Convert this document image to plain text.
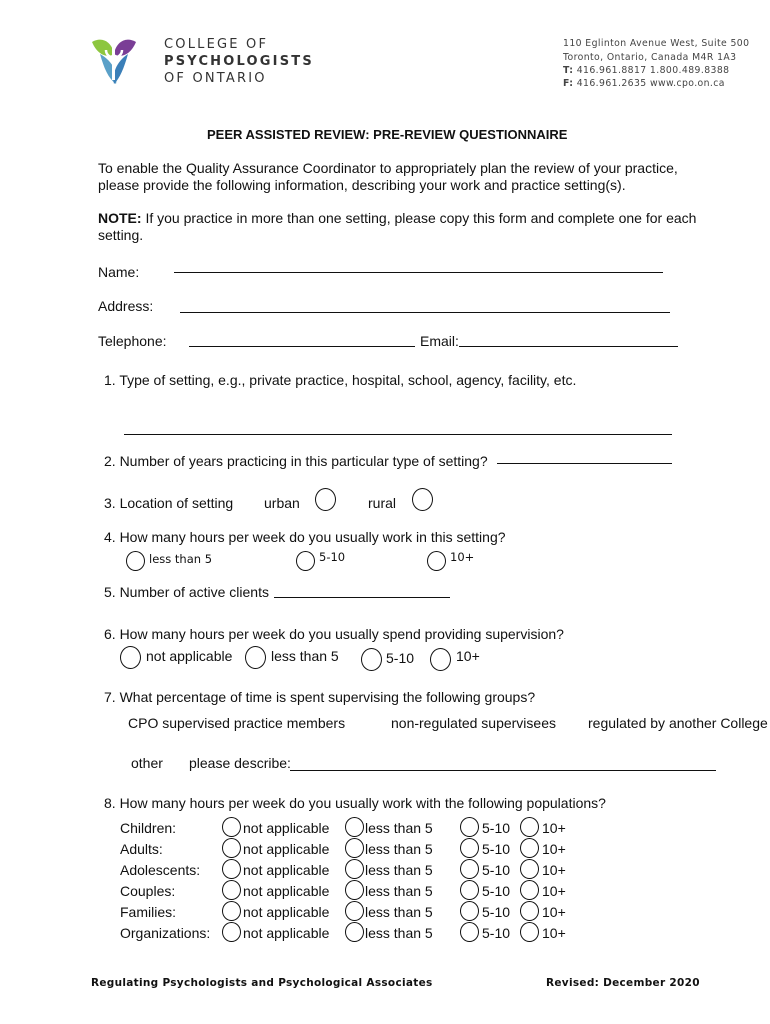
COLLEGE OF
PSYCHOLOGISTS
OF ONTARIO
110 Eglinton Avenue West, Suite 500
Toronto, Ontario, Canada M4R 1A3
T: 416.961.8817 1.800.489.8388
F: 416.961.2635 www.cpo.on.ca
PEER ASSISTED REVIEW: PRE-REVIEW QUESTIONNAIRE
To enable the Quality Assurance Coordinator to appropriately plan the review of your practice,
please provide the following information, describing your work and practice setting(s).
NOTE: If you practice in more than one setting, please copy this form and complete one for each
setting.
Name:
Address:
Telephone:	Email:
1. Type of setting, e.g., private practice, hospital, school, agency, facility, etc.
2. Number of years practicing in this particular type of setting?
3. Location of setting urban	rural
4. How many hours per week do you usually work in this setting?
less than 5	5-10	10+
5. Number of active clients
6. How many hours per week do you usually spend providing supervision?
not applicable	less than 5	5-10	10+
7. What percentage of time is spent supervising the following groups?
CPO supervised practice members	non-regulated supervisees regulated by another College
other please describe:
8. How many hours per week do you usually work with the following populations?
Children:	not applicable	less than 5	5-10 10+
Adults:	not applicable	less than 5	5-10 10+
Adolescents:	not applicable	less than 5	5-10 10+
Couples:	not applicable	less than 5	5-10 10+
Families:	not applicable	less than 5	5-10 10+
Organizations: not applicable	less than 5	5-10 10+
Regulating Psychologists and Psychological Associates	Revised: December 2020
